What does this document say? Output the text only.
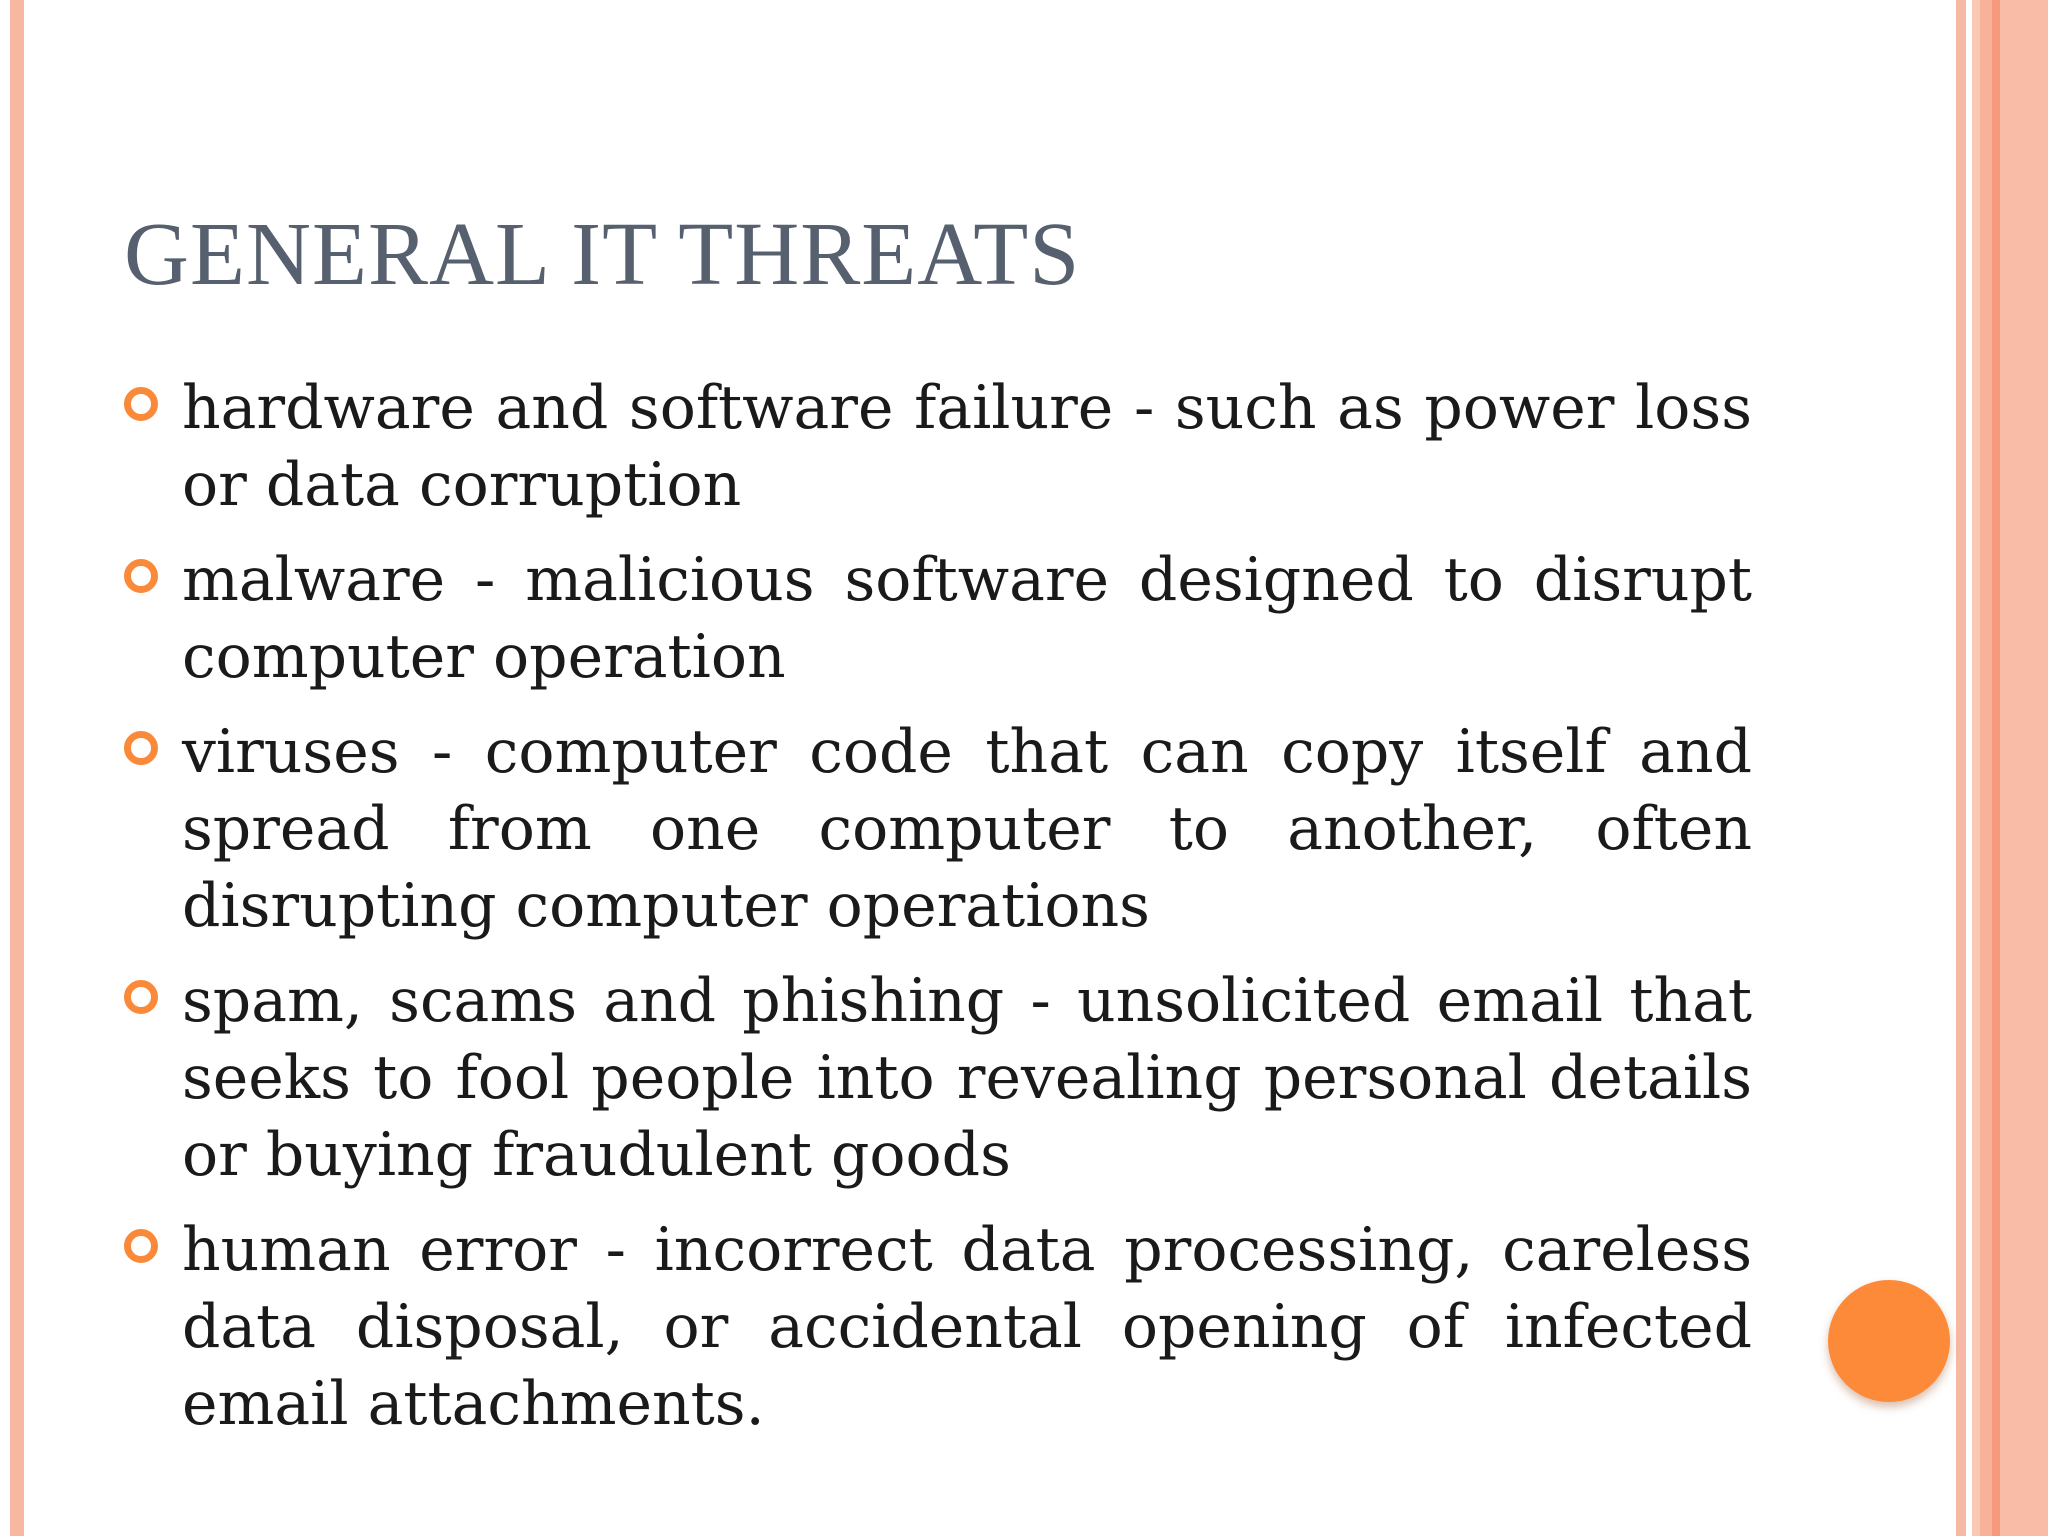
GENERAL IT THREATS
hardware and software failure - such as power loss or data corruption
malware - malicious software designed to disrupt computer operation
viruses - computer code that can copy itself and spread from one computer to another, often disrupting computer operations
spam, scams and phishing - unsolicited email that seeks to fool people into revealing personal details or buying fraudulent goods
human error - incorrect data processing, careless data disposal, or accidental opening of infected email attachments.
